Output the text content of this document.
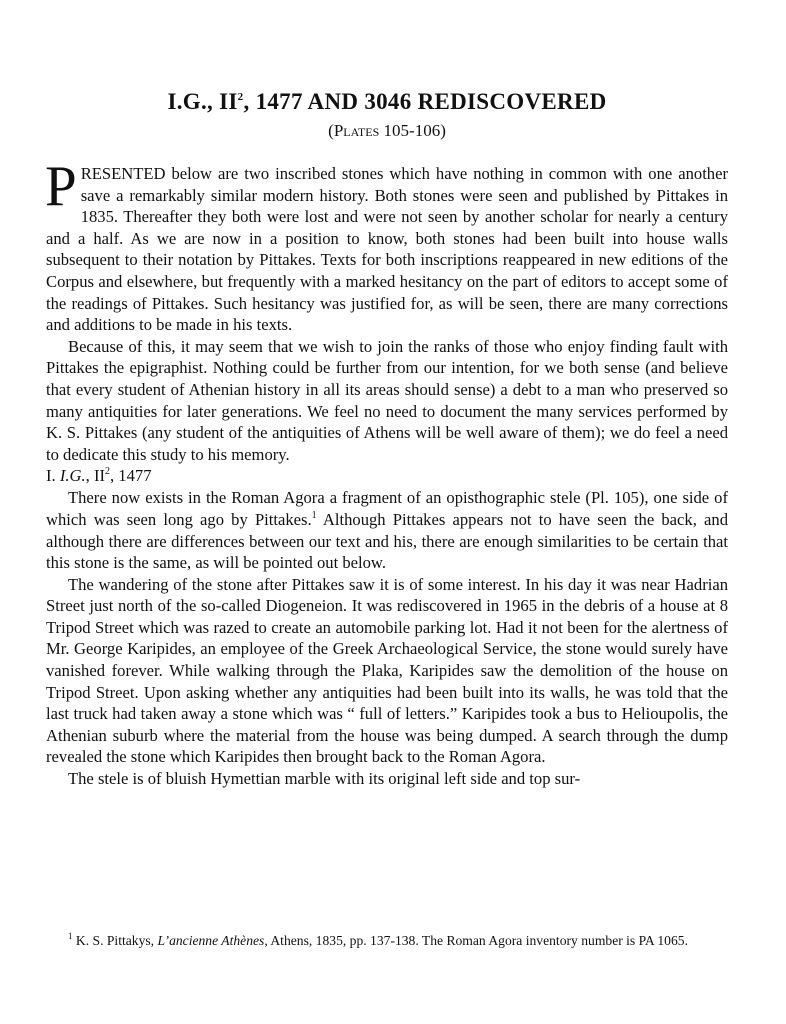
I.G., $II^2$, 1477 AND 3046 REDISCOVERED
(Plates 105-106)

PRESENTED below are two inscribed stones which have nothing in common with one another save a remarkably similar modern history. Both stones were seen and published by Pittakes in 1835. Thereafter they both were lost and were not seen by another scholar for nearly a century and a half. As we are now in a position to know, both stones had been built into house walls subsequent to their notation by Pittakes. Texts for both inscriptions reappeared in new editions of the Corpus and elsewhere, but frequently with a marked hesitancy on the part of editors to accept some of the readings of Pittakes. Such hesitancy was justified for, as will be seen, there are many corrections and additions to be made in his texts.

Because of this, it may seem that we wish to join the ranks of those who enjoy finding fault with Pittakes the epigraphist. Nothing could be further from our intention, for we both sense (and believe that every student of Athenian history in all its areas should sense) a debt to a man who preserved so many antiquities for later generations. We feel no need to document the many services performed by K. S. Pittakes (any student of the antiquities of Athens will be well aware of them); we do feel a need to dedicate this study to his memory.

I. I.G., $II^2$, 1477

There now exists in the Roman Agora a fragment of an opisthographic stele (Pl. 105), one side of which was seen long ago by Pittakes.$^1$ Although Pittakes appears not to have seen the back, and although there are differences between our text and his, there are enough similarities to be certain that this stone is the same, as will be pointed out below.

The wandering of the stone after Pittakes saw it is of some interest. In his day it was near Hadrian Street just north of the so-called Diogeneion. It was rediscovered in 1965 in the debris of a house at 8 Tripod Street which was razed to create an automobile parking lot. Had it not been for the alertness of Mr. George Karipides, an employee of the Greek Archaeological Service, the stone would surely have vanished forever. While walking through the Plaka, Karipides saw the demolition of the house on Tripod Street. Upon asking whether any antiquities had been built into its walls, he was told that the last truck had taken away a stone which was “ full of letters.” Karipides took a bus to Helioupolis, the Athenian suburb where the material from the house was being dumped. A search through the dump revealed the stone which Karipides then brought back to the Roman Agora.

The stele is of bluish Hymettian marble with its original left side and top sur-

$^1$ K. S. Pittakys, L’ancienne Athènes, Athens, 1835, pp. 137-138. The Roman Agora inventory number is PA 1065.
